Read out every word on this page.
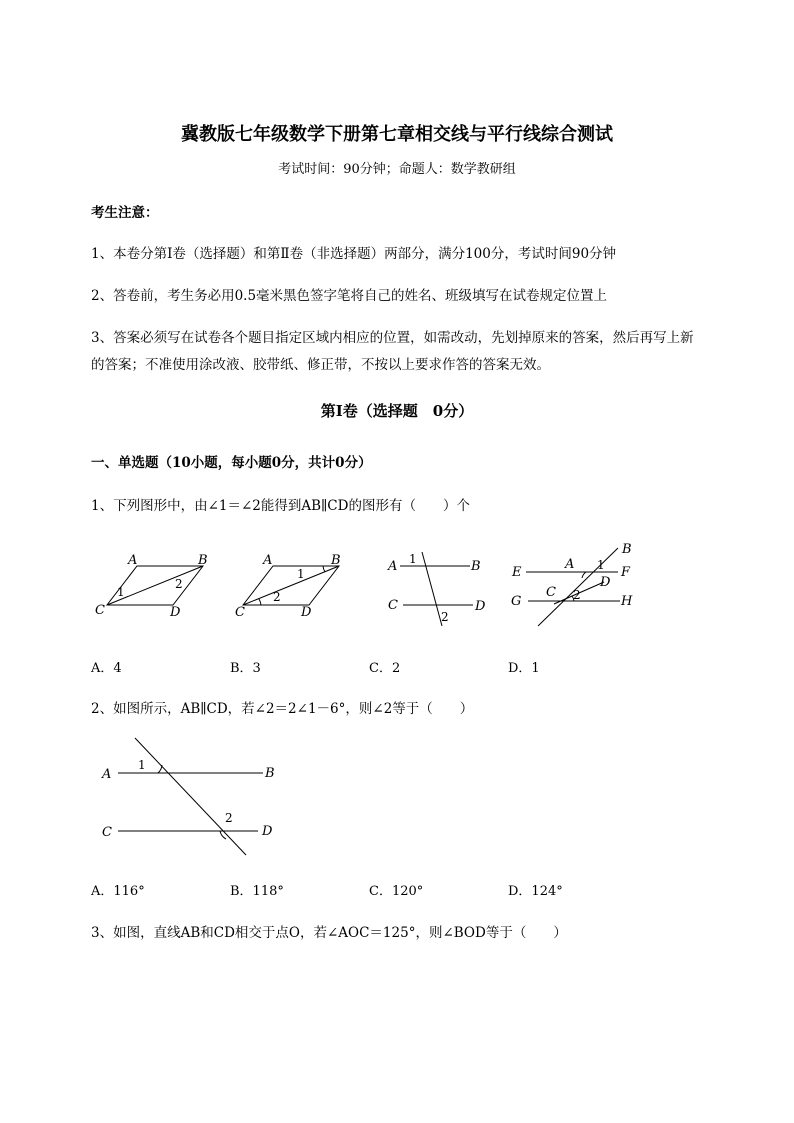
冀教版七年级数学下册第七章相交线与平行线综合测试
考试时间：90分钟；命题人：数学教研组
考生注意：
1、本卷分第I卷（选择题）和第Ⅱ卷（非选择题）两部分，满分100分，考试时间90分钟
2、答卷前，考生务必用0.5毫米黑色签字笔将自己的姓名、班级填写在试卷规定位置上
3、答案必须写在试卷各个题目指定区域内相应的位置，如需改动，先划掉原来的答案，然后再写上新
的答案；不准使用涂改液、胶带纸、修正带，不按以上要求作答的答案无效。
第I卷（选择题　0分）
一、单选题（10小题，每小题0分，共计0分）
1、下列图形中，由∠1＝∠2能得到AB∥CD的图形有（　　）个
A	B
C	D
1
2
A	B
C	D
1
2
A	B
C	D
1
2
A
B
C
D
E	F
G	H
1
2
A．4	B．3	C．2	D．1
2、如图所示，AB∥CD，若∠2＝2∠1－6°，则∠2等于（　　）
A	B
C	D
1
2
A．116°	B．118°	C．120°	D．124°
3、如图，直线AB和CD相交于点O，若∠AOC＝125°，则∠BOD等于（　　）
